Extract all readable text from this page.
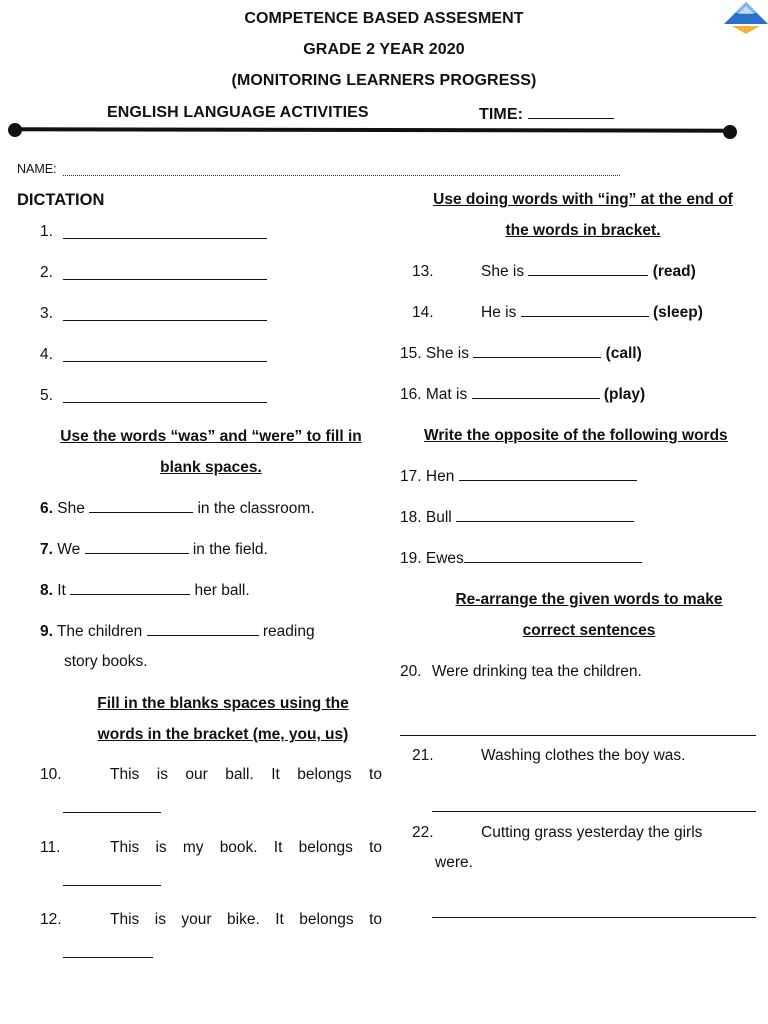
COMPETENCE BASED ASSESMENT
GRADE 2 YEAR 2020
(MONITORING LEARNERS PROGRESS)
ENGLISH LANGUAGE ACTIVITIES	TIME:
NAME:
DICTATION
1.
2.
3.
4.
5.
Use the words “was” and “were” to fill in
blank spaces.
6. She	in the classroom.
7. We	in the field.
8. It	her ball.
9. The children	reading
story books.
Fill in the blanks spaces using the
words in the bracket (me, you, us)
10.	This is our ball. It belongs to
11.	This is my book. It belongs to
12.	This is your bike. It belongs to
Use doing words with “ing” at the end of
the words in bracket.
13.	She is	(read)
14.	He is	(sleep)
15. She is	(call)
16. Mat is	(play)
Write the opposite of the following words
17. Hen
18. Bull
19. Ewes
Re-arrange the given words to make
correct sentences
20. Were drinking tea the children.
21.	Washing clothes the boy was.
22.	Cutting grass yesterday the girls
were.
